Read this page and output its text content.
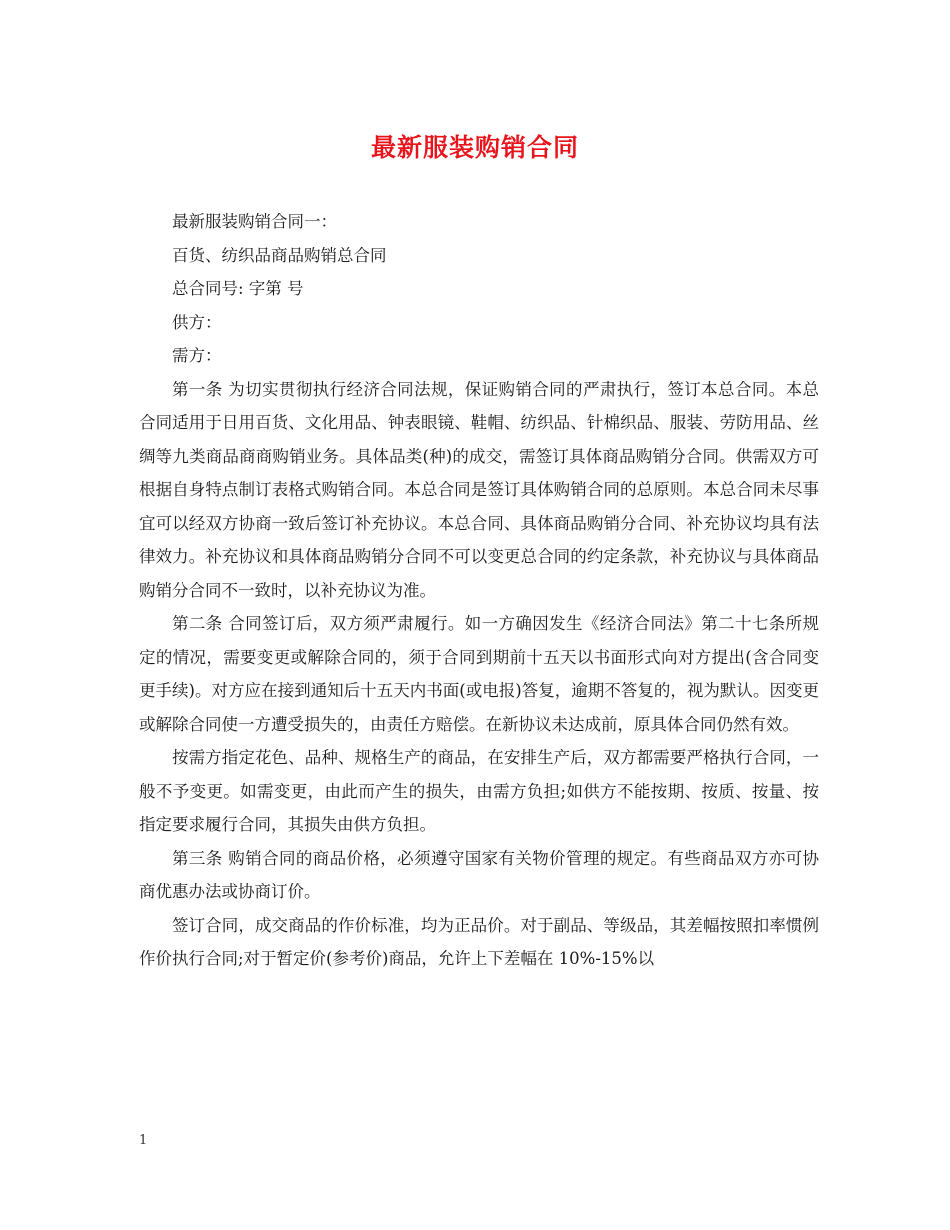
最新服装购销合同

最新服装购销合同一：

百货、纺织品商品购销总合同

总合同号: 字第 号

供方：

需方：

第一条 为切实贯彻执行经济合同法规，保证购销合同的严肃执行，签订本总合同。本总合同适用于日用百货、文化用品、钟表眼镜、鞋帽、纺织品、针棉织品、服装、劳防用品、丝绸等九类商品商商购销业务。具体品类(种)的成交，需签订具体商品购销分合同。供需双方可根据自身特点制订表格式购销合同。本总合同是签订具体购销合同的总原则。本总合同未尽事宜可以经双方协商一致后签订补充协议。本总合同、具体商品购销分合同、补充协议均具有法律效力。补充协议和具体商品购销分合同不可以变更总合同的约定条款，补充协议与具体商品购销分合同不一致时，以补充协议为准。

第二条 合同签订后，双方须严肃履行。如一方确因发生《经济合同法》第二十七条所规定的情况，需要变更或解除合同的，须于合同到期前十五天以书面形式向对方提出(含合同变更手续)。对方应在接到通知后十五天内书面(或电报)答复，逾期不答复的，视为默认。因变更或解除合同使一方遭受损失的，由责任方赔偿。在新协议未达成前，原具体合同仍然有效。

按需方指定花色、品种、规格生产的商品，在安排生产后，双方都需要严格执行合同，一般不予变更。如需变更，由此而产生的损失，由需方负担;如供方不能按期、按质、按量、按指定要求履行合同，其损失由供方负担。

第三条 购销合同的商品价格，必须遵守国家有关物价管理的规定。有些商品双方亦可协商优惠办法或协商订价。

签订合同，成交商品的作价标准，均为正品价。对于副品、等级品，其差幅按照扣率惯例作价执行合同;对于暂定价(参考价)商品，允许上下差幅在 10%-15%以

1
